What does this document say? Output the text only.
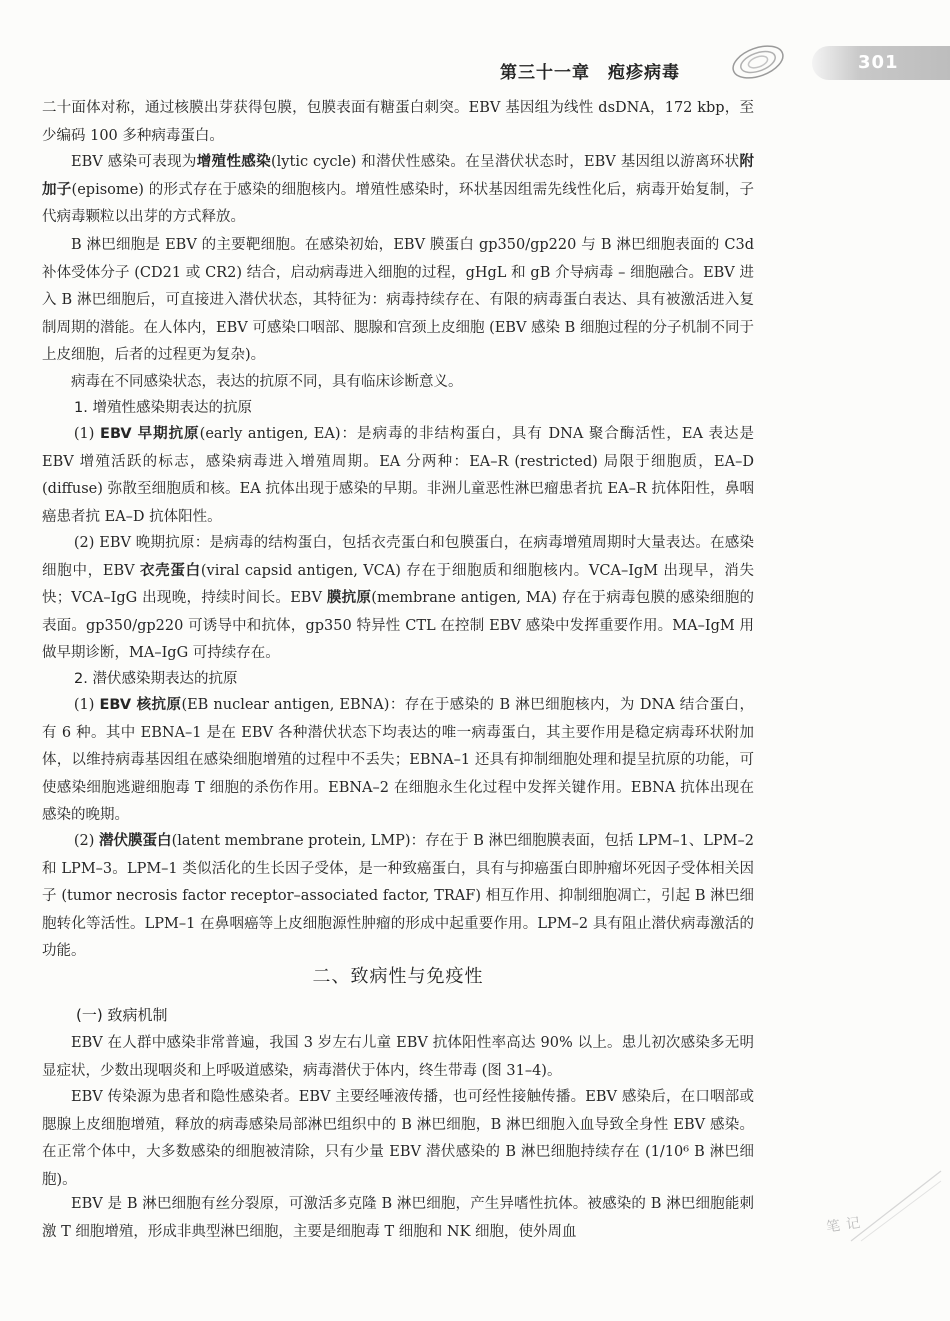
301
第三十一章　疱疹病毒

二十面体对称，通过核膜出芽获得包膜，包膜表面有糖蛋白刺突。EBV 基因组为线性 dsDNA，172 kbp，至少编码 100 多种病毒蛋白。

EBV 感染可表现为增殖性感染(lytic cycle) 和潜伏性感染。在呈潜伏状态时，EBV 基因组以游离环状附加子(episome) 的形式存在于感染的细胞核内。增殖性感染时，环状基因组需先线性化后，病毒开始复制，子代病毒颗粒以出芽的方式释放。

B 淋巴细胞是 EBV 的主要靶细胞。在感染初始，EBV 膜蛋白 gp350/gp220 与 B 淋巴细胞表面的 C3d 补体受体分子 (CD21 或 CR2) 结合，启动病毒进入细胞的过程，gHgL 和 gB 介导病毒 – 细胞融合。EBV 进入 B 淋巴细胞后，可直接进入潜伏状态，其特征为：病毒持续存在、有限的病毒蛋白表达、具有被激活进入复制周期的潜能。在人体内，EBV 可感染口咽部、腮腺和宫颈上皮细胞 (EBV 感染 B 细胞过程的分子机制不同于上皮细胞，后者的过程更为复杂)。

病毒在不同感染状态，表达的抗原不同，具有临床诊断意义。

1. 增殖性感染期表达的抗原

(1) EBV 早期抗原(early antigen, EA)：是病毒的非结构蛋白，具有 DNA 聚合酶活性，EA 表达是 EBV 增殖活跃的标志，感染病毒进入增殖周期。EA 分两种：EA–R (restricted) 局限于细胞质，EA–D (diffuse) 弥散至细胞质和核。EA 抗体出现于感染的早期。非洲儿童恶性淋巴瘤患者抗 EA–R 抗体阳性，鼻咽癌患者抗 EA–D 抗体阳性。

(2) EBV 晚期抗原：是病毒的结构蛋白，包括衣壳蛋白和包膜蛋白，在病毒增殖周期时大量表达。在感染细胞中，EBV 衣壳蛋白(viral capsid antigen, VCA) 存在于细胞质和细胞核内。VCA–IgM 出现早，消失快；VCA–IgG 出现晚，持续时间长。EBV 膜抗原(membrane antigen, MA) 存在于病毒包膜的感染细胞的表面。gp350/gp220 可诱导中和抗体，gp350 特异性 CTL 在控制 EBV 感染中发挥重要作用。MA–IgM 用做早期诊断，MA–IgG 可持续存在。

2. 潜伏感染期表达的抗原

(1) EBV 核抗原(EB nuclear antigen, EBNA)：存在于感染的 B 淋巴细胞核内，为 DNA 结合蛋白，有 6 种。其中 EBNA–1 是在 EBV 各种潜伏状态下均表达的唯一病毒蛋白，其主要作用是稳定病毒环状附加体，以维持病毒基因组在感染细胞增殖的过程中不丢失；EBNA–1 还具有抑制细胞处理和提呈抗原的功能，可使感染细胞逃避细胞毒 T 细胞的杀伤作用。EBNA–2 在细胞永生化过程中发挥关键作用。EBNA 抗体出现在感染的晚期。

(2) 潜伏膜蛋白(latent membrane protein, LMP)：存在于 B 淋巴细胞膜表面，包括 LPM–1、LPM–2 和 LPM–3。LPM–1 类似活化的生长因子受体，是一种致癌蛋白，具有与抑癌蛋白即肿瘤坏死因子受体相关因子 (tumor necrosis factor receptor–associated factor, TRAF) 相互作用、抑制细胞凋亡，引起 B 淋巴细胞转化等活性。LPM–1 在鼻咽癌等上皮细胞源性肿瘤的形成中起重要作用。LPM–2 具有阻止潜伏病毒激活的功能。

二、致病性与免疫性
(一) 致病机制

EBV 在人群中感染非常普遍，我国 3 岁左右儿童 EBV 抗体阳性率高达 90% 以上。患儿初次感染多无明显症状，少数出现咽炎和上呼吸道感染，病毒潜伏于体内，终生带毒 (图 31–4)。

EBV 传染源为患者和隐性感染者。EBV 主要经唾液传播，也可经性接触传播。EBV 感染后，在口咽部或腮腺上皮细胞增殖，释放的病毒感染局部淋巴组织中的 B 淋巴细胞，B 淋巴细胞入血导致全身性 EBV 感染。在正常个体中，大多数感染的细胞被清除，只有少量 EBV 潜伏感染的 B 淋巴细胞持续存在 (1/10⁶ B 淋巴细胞)。

EBV 是 B 淋巴细胞有丝分裂原，可激活多克隆 B 淋巴细胞，产生异嗜性抗体。被感染的 B 淋巴细胞能刺激 T 细胞增殖，形成非典型淋巴细胞，主要是细胞毒 T 细胞和 NK 细胞，使外周血	笔记
